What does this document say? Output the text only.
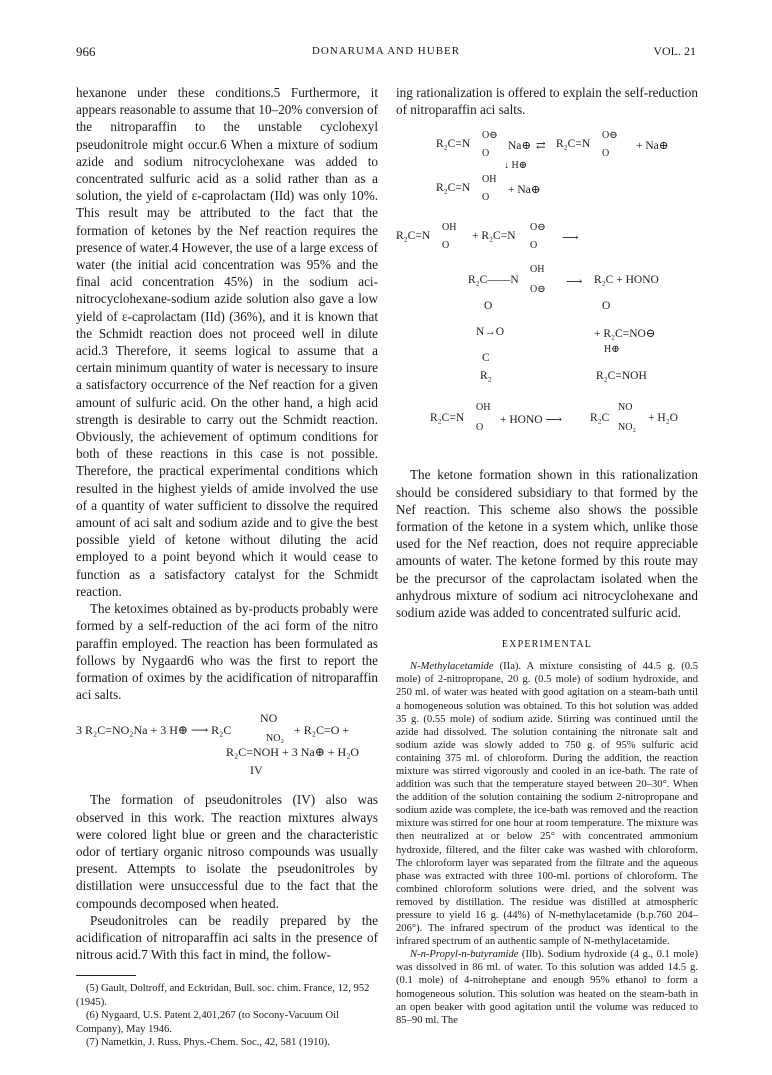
966	DONARUMA AND HUBER	VOL. 21

hexanone under these conditions.5 Furthermore, it appears reasonable to assume that 10–20% conversion of the nitroparaffin to the unstable cyclohexyl pseudonitrole might occur.6 When a mixture of sodium azide and sodium nitrocyclohexane was added to concentrated sulfuric acid as a solid rather than as a solution, the yield of ε-caprolactam (IId) was only 10%. This result may be attributed to the fact that the formation of ketones by the Nef reaction requires the presence of water.4 However, the use of a large excess of water (the initial acid concentration was 95% and the final acid concentration 45%) in the sodium aci-nitrocyclohexane-sodium azide solution also gave a low yield of ε-caprolactam (IId) (36%), and it is known that the Schmidt reaction does not proceed well in dilute acid.3 Therefore, it seems logical to assume that a certain minimum quantity of water is necessary to insure a satisfactory occurrence of the Nef reaction for a given amount of sulfuric acid. On the other hand, a high acid strength is desirable to carry out the Schmidt reaction. Obviously, the achievement of optimum conditions for both of these reactions in this case is not possible. Therefore, the practical experimental conditions which resulted in the highest yields of amide involved the use of a quantity of water sufficient to dissolve the required amount of aci salt and sodium azide and to give the best possible yield of ketone without diluting the acid employed to a point beyond which it would cease to function as a satisfactory catalyst for the Schmidt reaction.

The ketoximes obtained as by-products probably were formed by a self-reduction of the aci form of the nitro paraffin employed. The reaction has been formulated as follows by Nygaard6 who was the first to report the formation of oximes by the acidification of nitroparaffin aci salts.

NO
3 R₂C=NO₂Na + 3 H⊕ ⟶ R₂C
NO₂
+ R₂C=O +
R₂C=NOH + 3 Na⊕ + H₂O
IV

The formation of pseudonitroles (IV) also was observed in this work. The reaction mixtures always were colored light blue or green and the characteristic odor of tertiary organic nitroso compounds was usually present. Attempts to isolate the pseudonitroles by distillation were unsuccessful due to the fact that the compounds decomposed when heated.

Pseudonitroles can be readily prepared by the acidification of nitroparaffin aci salts in the presence of nitrous acid.7 With this fact in mind, the follow-

(5) Gault, Doltroff, and Ecktridan, Bull. soc. chim. France, 12, 952 (1945).

(6) Nygaard, U.S. Patent 2,401,267 (to Socony-Vacuum Oil Company), May 1946.

(7) Nametkin, J. Russ. Phys.-Chem. Soc., 42, 581 (1910).

ing rationalization is offered to explain the self-reduction of nitroparaffin aci salts.

R₂C=N
O⊖
O
Na⊕ ⇄ R₂C=N
O⊖
O
+ Na⊕
↓ H⊕
R₂C=N
OH
O
+ Na⊕
R₂C=N
OH
O
+ R₂C=N
O⊖
O
⟶
R₂C——N
OH
O⊖
⟶ R₂C + HONO
O	O
N→O	+ R₂C=NO⊖
H⊕
C
R₂	R₂C=NOH
R₂C=N
OH
O
+ HONO ⟶ R₂C
NO
NO₂
+ H₂O

The ketone formation shown in this rationalization should be considered subsidiary to that formed by the Nef reaction. This scheme also shows the possible formation of the ketone in a system which, unlike those used for the Nef reaction, does not require appreciable amounts of water. The ketone formed by this route may be the precursor of the caprolactam isolated when the anhydrous mixture of sodium aci nitrocyclohexane and sodium azide was added to concentrated sulfuric acid.

EXPERIMENTAL

N-Methylacetamide (IIa). A mixture consisting of 44.5 g. (0.5 mole) of 2-nitropropane, 20 g. (0.5 mole) of sodium hydroxide, and 250 ml. of water was heated with good agitation on a steam-bath until a homogeneous solution was obtained. To this hot solution was added 35 g. (0.55 mole) of sodium azide. Stirring was continued until the azide had dissolved. The solution containing the nitronate salt and sodium azide was slowly added to 750 g. of 95% sulfuric acid containing 375 ml. of chloroform. During the addition, the reaction mixture was stirred vigorously and cooled in an ice-bath. The rate of addition was such that the temperature stayed between 20–30°. When the addition of the solution containing the sodium 2-nitropropane and sodium azide was complete, the ice-bath was removed and the reaction mixture was stirred for one hour at room temperature. The mixture was then neutralized at or below 25° with concentrated ammonium hydroxide, filtered, and the filter cake was washed with chloroform. The chloroform layer was separated from the filtrate and the aqueous phase was extracted with three 100-ml. portions of chloroform. The combined chloroform solutions were dried, and the solvent was removed by distillation. The residue was distilled at atmospheric pressure to yield 16 g. (44%) of N-methylacetamide (b.p.760 204–206°). The infrared spectrum of the product was identical to the infrared spectrum of an authentic sample of N-methylacetamide.

N-n-Propyl-n-butyramide (IIb). Sodium hydroxide (4 g., 0.1 mole) was dissolved in 86 ml. of water. To this solution was added 14.5 g. (0.1 mole) of 4-nitroheptane and enough 95% ethanol to form a homogeneous solution. This solution was heated on the steam-bath in an open beaker with good agitation until the volume was reduced to 85–90 ml. The
